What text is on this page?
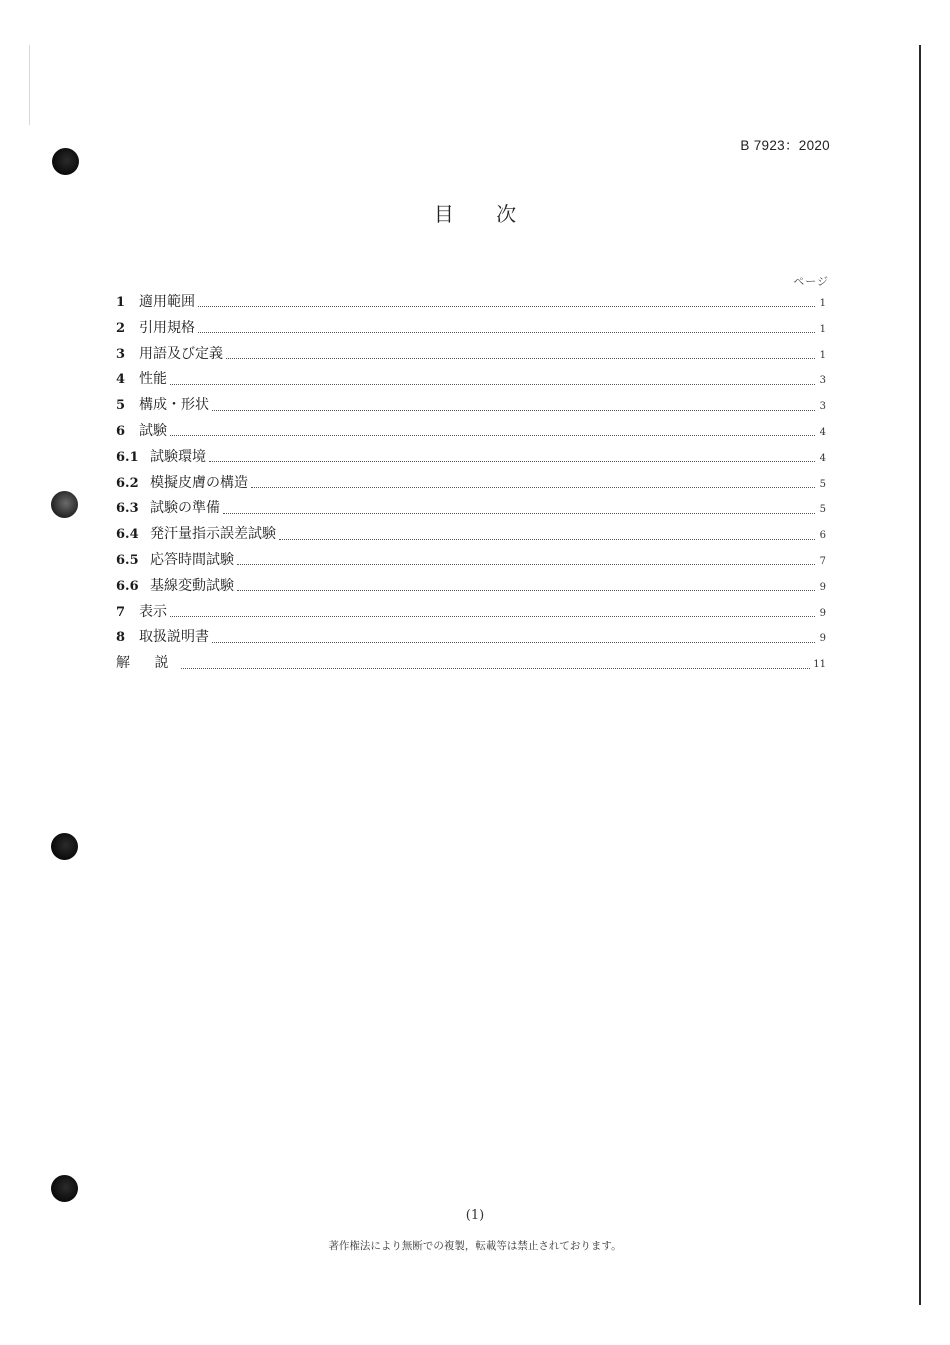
B 7923：2020
目 次
ページ
1 適用範囲	1
2 引用規格	1
3 用語及び定義	1
4 性能	3
5 構成・形状	3
6 試験	4
6.1 試験環境	4
6.2 模擬皮膚の構造	5
6.3 試験の準備	5
6.4 発汗量指示誤差試験	6
6.5 応答時間試験	7
6.6 基線変動試験	9
7 表示	9
8 取扱説明書	9
解 説	11
(1)
著作権法により無断での複製，転載等は禁止されております。
